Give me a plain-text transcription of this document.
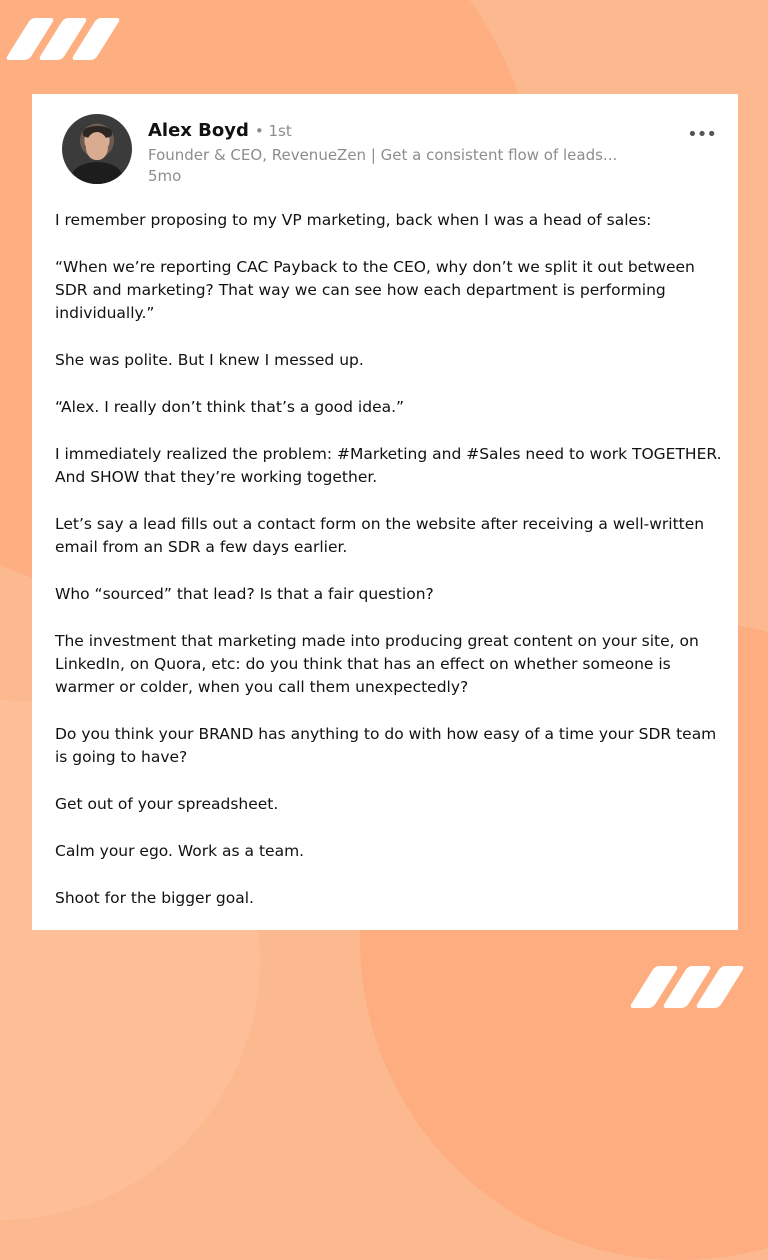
Alex Boyd • 1st
Founder & CEO, RevenueZen | Get a consistent flow of leads...
5mo
•••

I remember proposing to my VP marketing, back when I was a head of sales:

“When we’re reporting CAC Payback to the CEO, why don’t we split it out between SDR and marketing? That way we can see how each department is performing individually.”

She was polite. But I knew I messed up.

“Alex. I really don’t think that’s a good idea.”

I immediately realized the problem: #Marketing and #Sales need to work TOGETHER. And SHOW that they’re working together.

Let’s say a lead fills out a contact form on the website after receiving a well-written email from an SDR a few days earlier.

Who “sourced” that lead? Is that a fair question?

The investment that marketing made into producing great content on your site, on LinkedIn, on Quora, etc: do you think that has an effect on whether someone is warmer or colder, when you call them unexpectedly?

Do you think your BRAND has anything to do with how easy of a time your SDR team is going to have?

Get out of your spreadsheet.

Calm your ego. Work as a team.

Shoot for the bigger goal.
